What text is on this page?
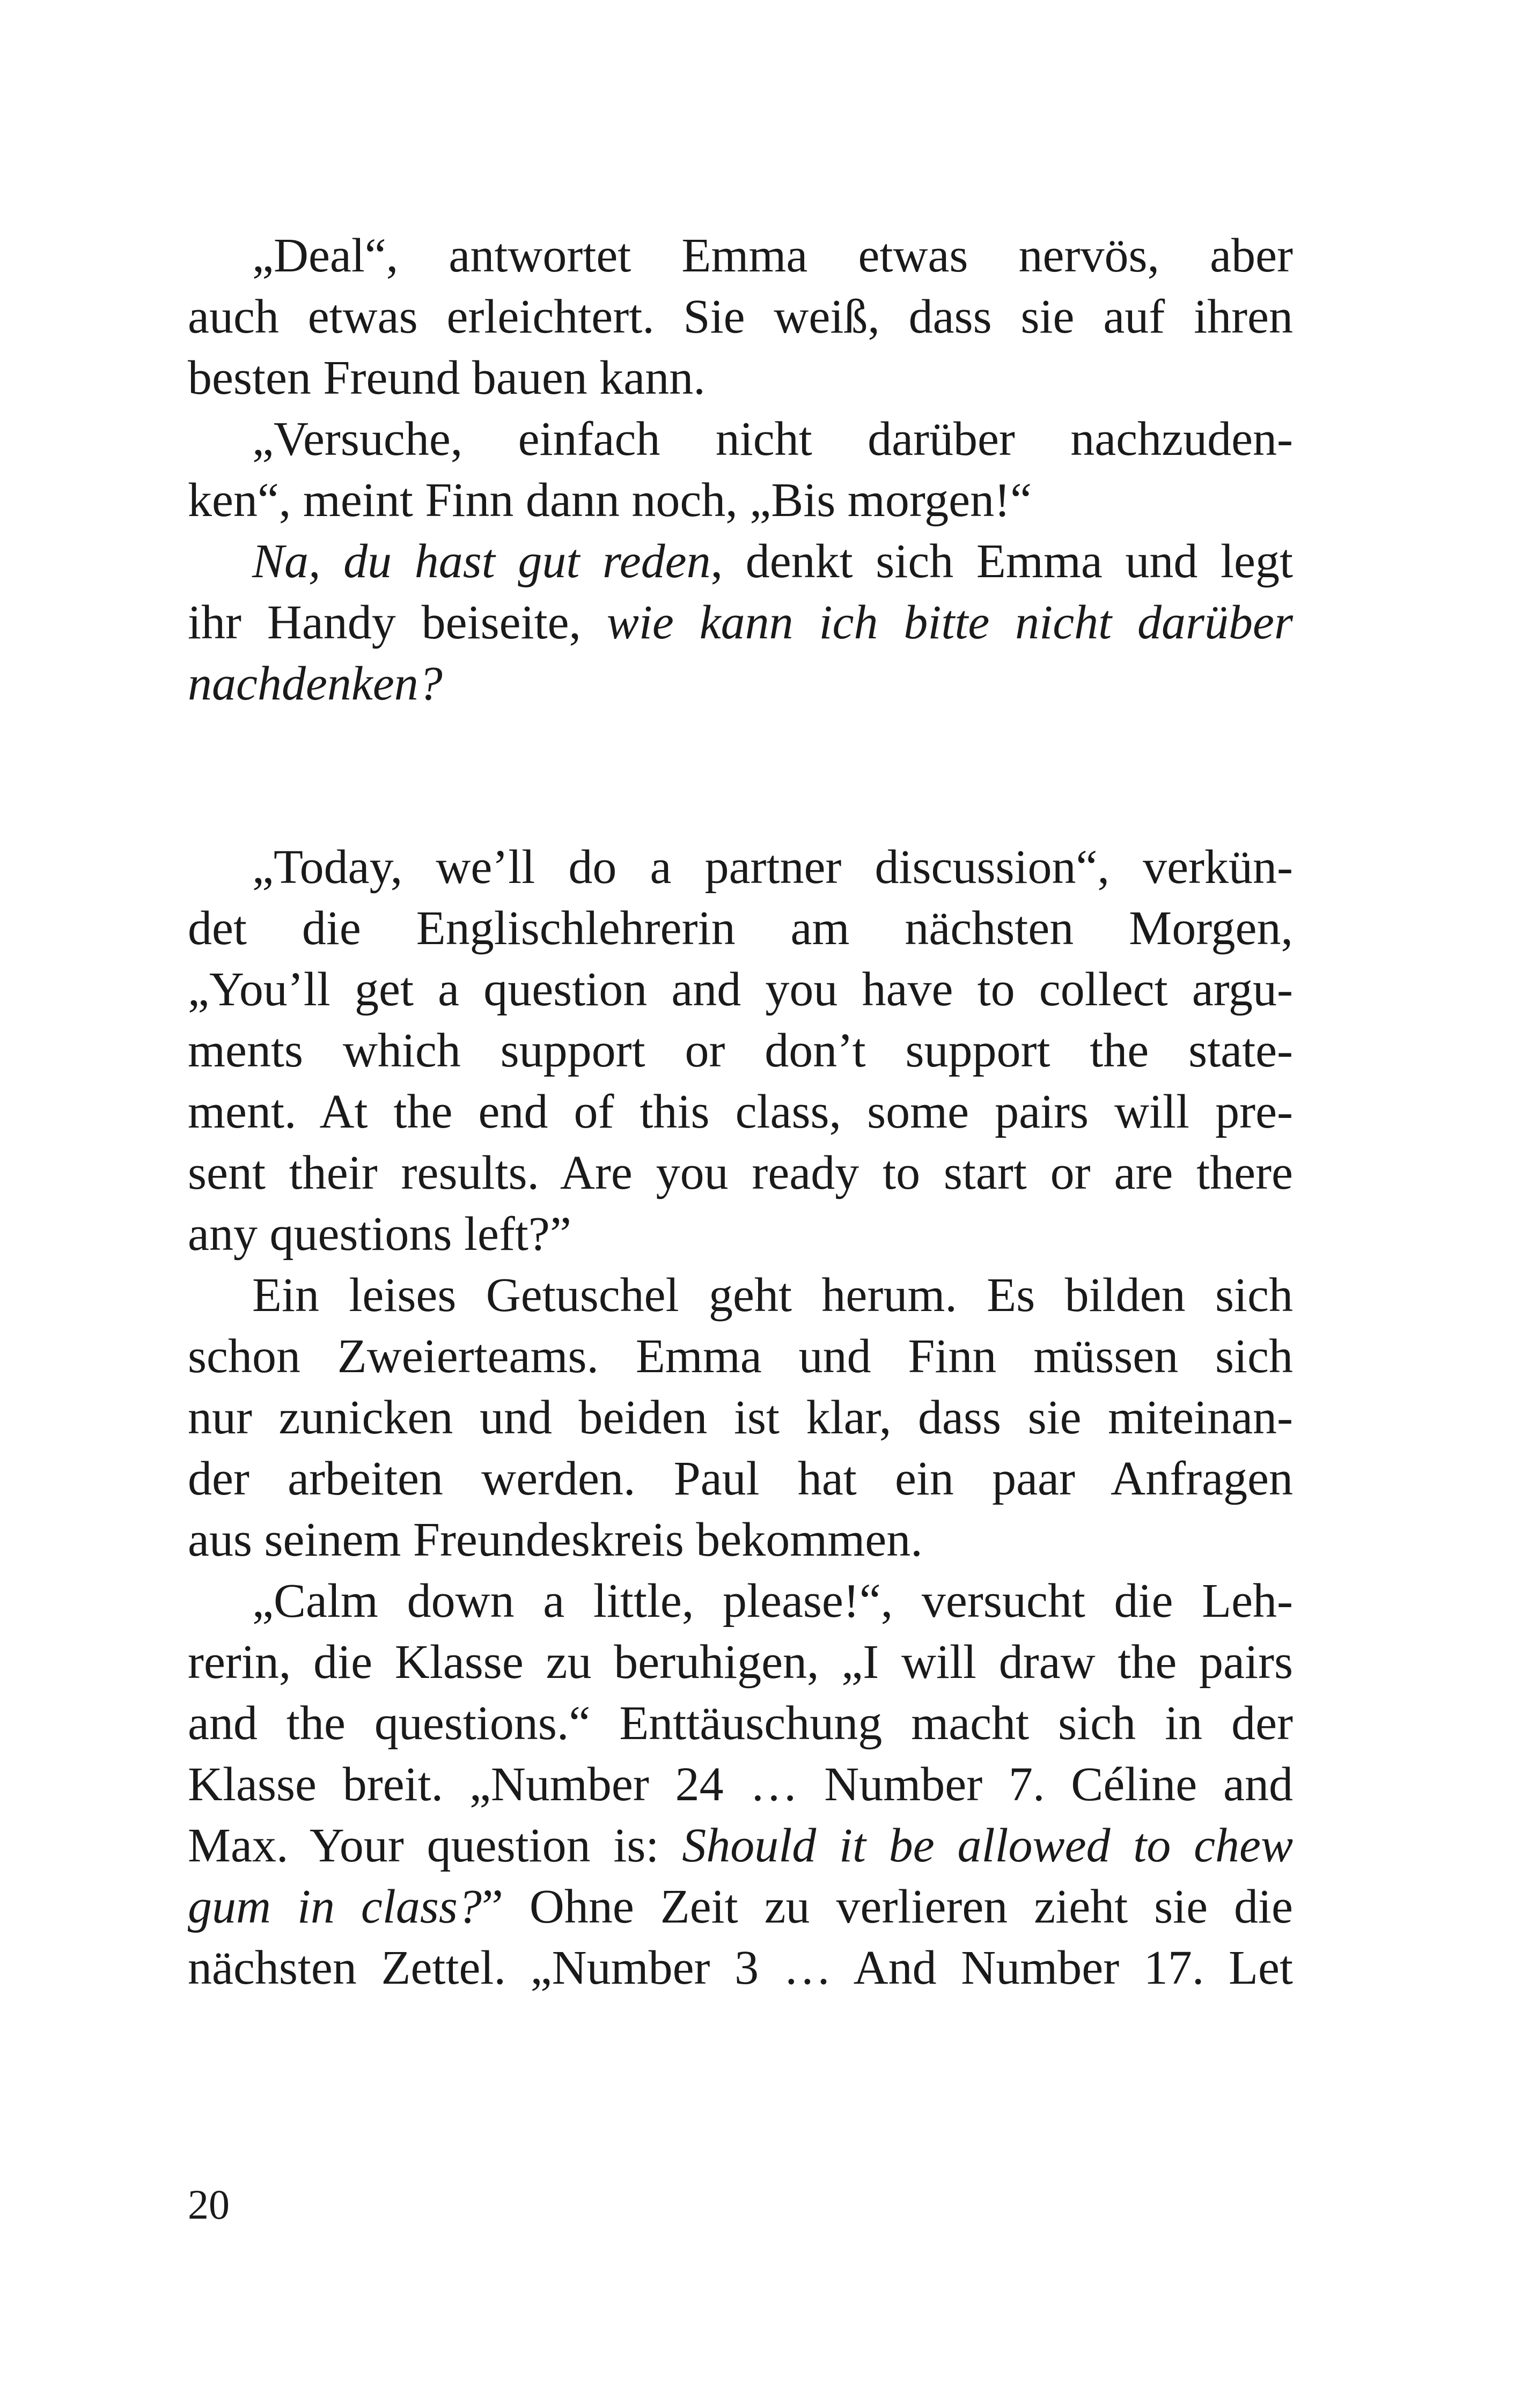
„Deal“, antwortet Emma etwas nervös, aber
auch etwas erleichtert. Sie weiß, dass sie auf ihren
besten Freund bauen kann.
„Versuche, einfach nicht darüber nachzuden-
ken“, meint Finn dann noch, „Bis morgen!“
Na, du hast gut reden, denkt sich Emma und legt
ihr Handy beiseite, wie kann ich bitte nicht darüber
nachdenken?
„Today, we’ll do a partner discussion“, verkün-
det die Englischlehrerin am nächsten Morgen,
„You’ll get a question and you have to collect argu-
ments which support or don’t support the state-
ment. At the end of this class, some pairs will pre-
sent their results. Are you ready to start or are there
any questions left?”
Ein leises Getuschel geht herum. Es bilden sich
schon Zweierteams. Emma und Finn müssen sich
nur zunicken und beiden ist klar, dass sie miteinan-
der arbeiten werden. Paul hat ein paar Anfragen
aus seinem Freundeskreis bekommen.
„Calm down a little, please!“, versucht die Leh-
rerin, die Klasse zu beruhigen, „I will draw the pairs
and the questions.“ Enttäuschung macht sich in der
Klasse breit. „Number 24 … Number 7. Céline and
Max. Your question is: Should it be allowed to chew
gum in class?” Ohne Zeit zu verlieren zieht sie die
nächsten Zettel. „Number 3 … And Number 17. Let
20
